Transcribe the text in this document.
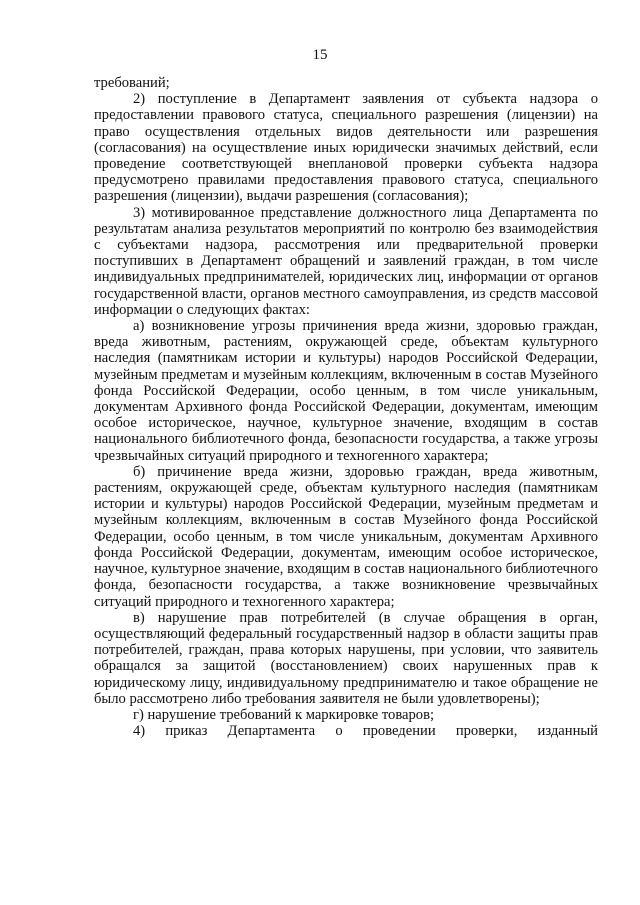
15

требований;

2) поступление в Департамент заявления от субъекта надзора о предоставлении правового статуса, специального разрешения (лицензии) на право осуществления отдельных видов деятельности или разрешения (согласования) на осуществление иных юридически значимых действий, если проведение соответствующей внеплановой проверки субъекта надзора предусмотрено правилами предоставления правового статуса, специального разрешения (лицензии), выдачи разрешения (согласования);

3) мотивированное представление должностного лица Департамента по результатам анализа результатов мероприятий по контролю без взаимодействия с субъектами надзора, рассмотрения или предварительной проверки поступивших в Департамент обращений и заявлений граждан, в том числе индивидуальных предпринимателей, юридических лиц, информации от органов государственной власти, органов местного самоуправления, из средств массовой информации о следующих фактах:

а) возникновение угрозы причинения вреда жизни, здоровью граждан, вреда животным, растениям, окружающей среде, объектам культурного наследия (памятникам истории и культуры) народов Российской Федерации, музейным предметам и музейным коллекциям, включенным в состав Музейного фонда Российской Федерации, особо ценным, в том числе уникальным, документам Архивного фонда Российской Федерации, документам, имеющим особое историческое, научное, культурное значение, входящим в состав национального библиотечного фонда, безопасности государства, а также угрозы чрезвычайных ситуаций природного и техногенного характера;

б) причинение вреда жизни, здоровью граждан, вреда животным, растениям, окружающей среде, объектам культурного наследия (памятникам истории и культуры) народов Российской Федерации, музейным предметам и музейным коллекциям, включенным в состав Музейного фонда Российской Федерации, особо ценным, в том числе уникальным, документам Архивного фонда Российской Федерации, документам, имеющим особое историческое, научное, культурное значение, входящим в состав национального библиотечного фонда, безопасности государства, а также возникновение чрезвычайных ситуаций природного и техногенного характера;

в) нарушение прав потребителей (в случае обращения в орган, осуществляющий федеральный государственный надзор в области защиты прав потребителей, граждан, права которых нарушены, при условии, что заявитель обращался за защитой (восстановлением) своих нарушенных прав к юридическому лицу, индивидуальному предпринимателю и такое обращение не было рассмотрено либо требования заявителя не были удовлетворены);

г) нарушение требований к маркировке товаров;

4) приказ Департамента о проведении проверки, изданный
